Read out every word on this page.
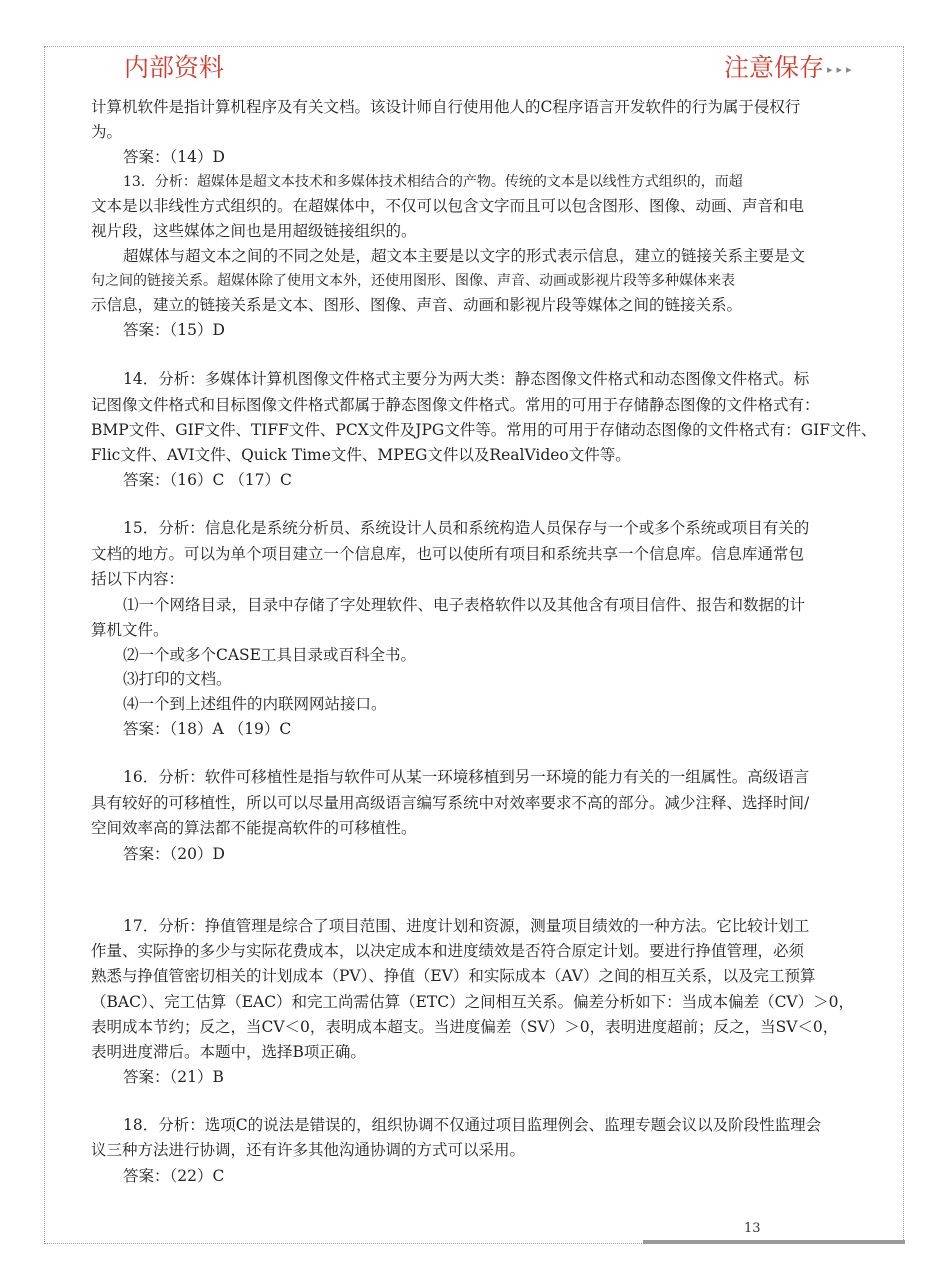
内部资料	注意保存 ▸▸▸
计算机软件是指计算机程序及有关文档。该设计师自行使用他人的C程序语言开发软件的行为属于侵权行
为。
答案：（14）D
13．分析：超媒体是超文本技术和多媒体技术相结合的产物。传统的文本是以线性方式组织的，而超
文本是以非线性方式组织的。在超媒体中，不仅可以包含文字而且可以包含图形、图像、动画、声音和电
视片段，这些媒体之间也是用超级链接组织的。
超媒体与超文本之间的不同之处是，超文本主要是以文字的形式表示信息，建立的链接关系主要是文
句之间的链接关系。超媒体除了使用文本外，还使用图形、图像、声音、动画或影视片段等多种媒体来表
示信息，建立的链接关系是文本、图形、图像、声音、动画和影视片段等媒体之间的链接关系。
答案：（15）D
14．分析：多媒体计算机图像文件格式主要分为两大类：静态图像文件格式和动态图像文件格式。标
记图像文件格式和目标图像文件格式都属于静态图像文件格式。常用的可用于存储静态图像的文件格式有：
BMP文件、GIF文件、TIFF文件、PCX文件及JPG文件等。常用的可用于存储动态图像的文件格式有：GIF文件、
Flic文件、AVI文件、Quick Time文件、MPEG文件以及RealVideo文件等。
答案：（16）C （17）C
15．分析：信息化是系统分析员、系统设计人员和系统构造人员保存与一个或多个系统或项目有关的
文档的地方。可以为单个项目建立一个信息库，也可以使所有项目和系统共享一个信息库。信息库通常包
括以下内容：
⑴一个网络目录，目录中存储了字处理软件、电子表格软件以及其他含有项目信件、报告和数据的计
算机文件。
⑵一个或多个CASE工具目录或百科全书。
⑶打印的文档。
⑷一个到上述组件的内联网网站接口。
答案：（18）A （19）C
16．分析：软件可移植性是指与软件可从某一环境移植到另一环境的能力有关的一组属性。高级语言
具有较好的可移植性，所以可以尽量用高级语言编写系统中对效率要求不高的部分。减少注释、选择时间/
空间效率高的算法都不能提高软件的可移植性。
答案：（20）D
17．分析：挣值管理是综合了项目范围、进度计划和资源，测量项目绩效的一种方法。它比较计划工
作量、实际挣的多少与实际花费成本，以决定成本和进度绩效是否符合原定计划。要进行挣值管理，必须
熟悉与挣值管密切相关的计划成本（PV）、挣值（EV）和实际成本（AV）之间的相互关系，以及完工预算
（BAC）、完工估算（EAC）和完工尚需估算（ETC）之间相互关系。偏差分析如下：当成本偏差（CV）＞0，
表明成本节约；反之，当CV＜0，表明成本超支。当进度偏差（SV）＞0，表明进度超前；反之，当SV＜0，
表明进度滞后。本题中，选择B项正确。
答案：（21）B
18．分析：选项C的说法是错误的，组织协调不仅通过项目监理例会、监理专题会议以及阶段性监理会
议三种方法进行协调，还有许多其他沟通协调的方式可以采用。
答案：（22）C
13
